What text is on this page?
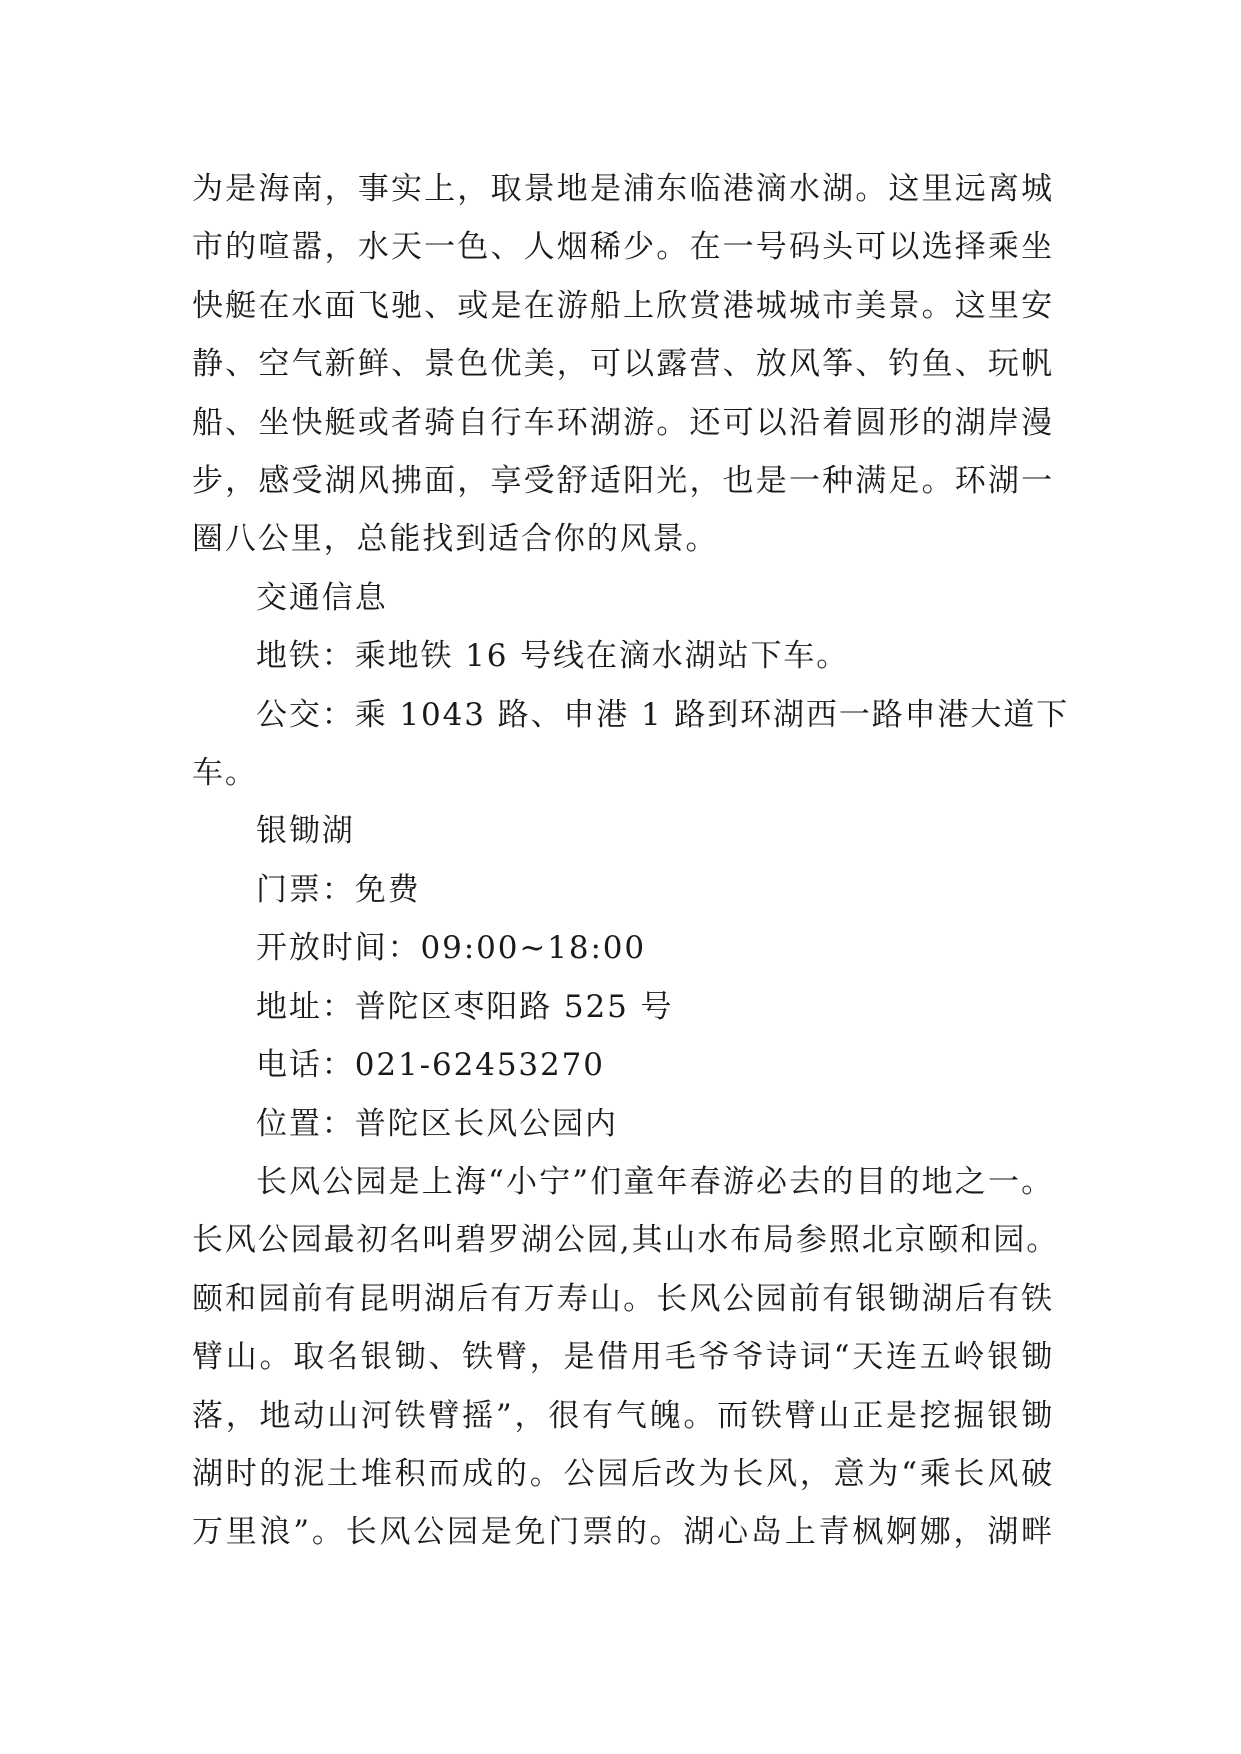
为是海南，事实上，取景地是浦东临港滴水湖。这里远离城
市的喧嚣，水天一色、人烟稀少。在一号码头可以选择乘坐
快艇在水面飞驰、或是在游船上欣赏港城城市美景。这里安
静、空气新鲜、景色优美，可以露营、放风筝、钓鱼、玩帆
船、坐快艇或者骑自行车环湖游。还可以沿着圆形的湖岸漫
步，感受湖风拂面，享受舒适阳光，也是一种满足。环湖一
圈八公里，总能找到适合你的风景。

交通信息

地铁：乘地铁 16 号线在滴水湖站下车。

公交：乘 1043 路、申港 1 路到环湖西一路申港大道下
车。

银锄湖

门票：免费

开放时间：09:00~18:00

地址：普陀区枣阳路 525 号

电话：021-62453270

位置：普陀区长风公园内

长风公园是上海“小宁”们童年春游必去的目的地之一。
长风公园最初名叫碧罗湖公园,其山水布局参照北京颐和园。
颐和园前有昆明湖后有万寿山。长风公园前有银锄湖后有铁
臂山。取名银锄、铁臂，是借用毛爷爷诗词“天连五岭银锄
落，地动山河铁臂摇”，很有气魄。而铁臂山正是挖掘银锄
湖时的泥土堆积而成的。公园后改为长风，意为“乘长风破
万里浪”。长风公园是免门票的。湖心岛上青枫婀娜，湖畔
